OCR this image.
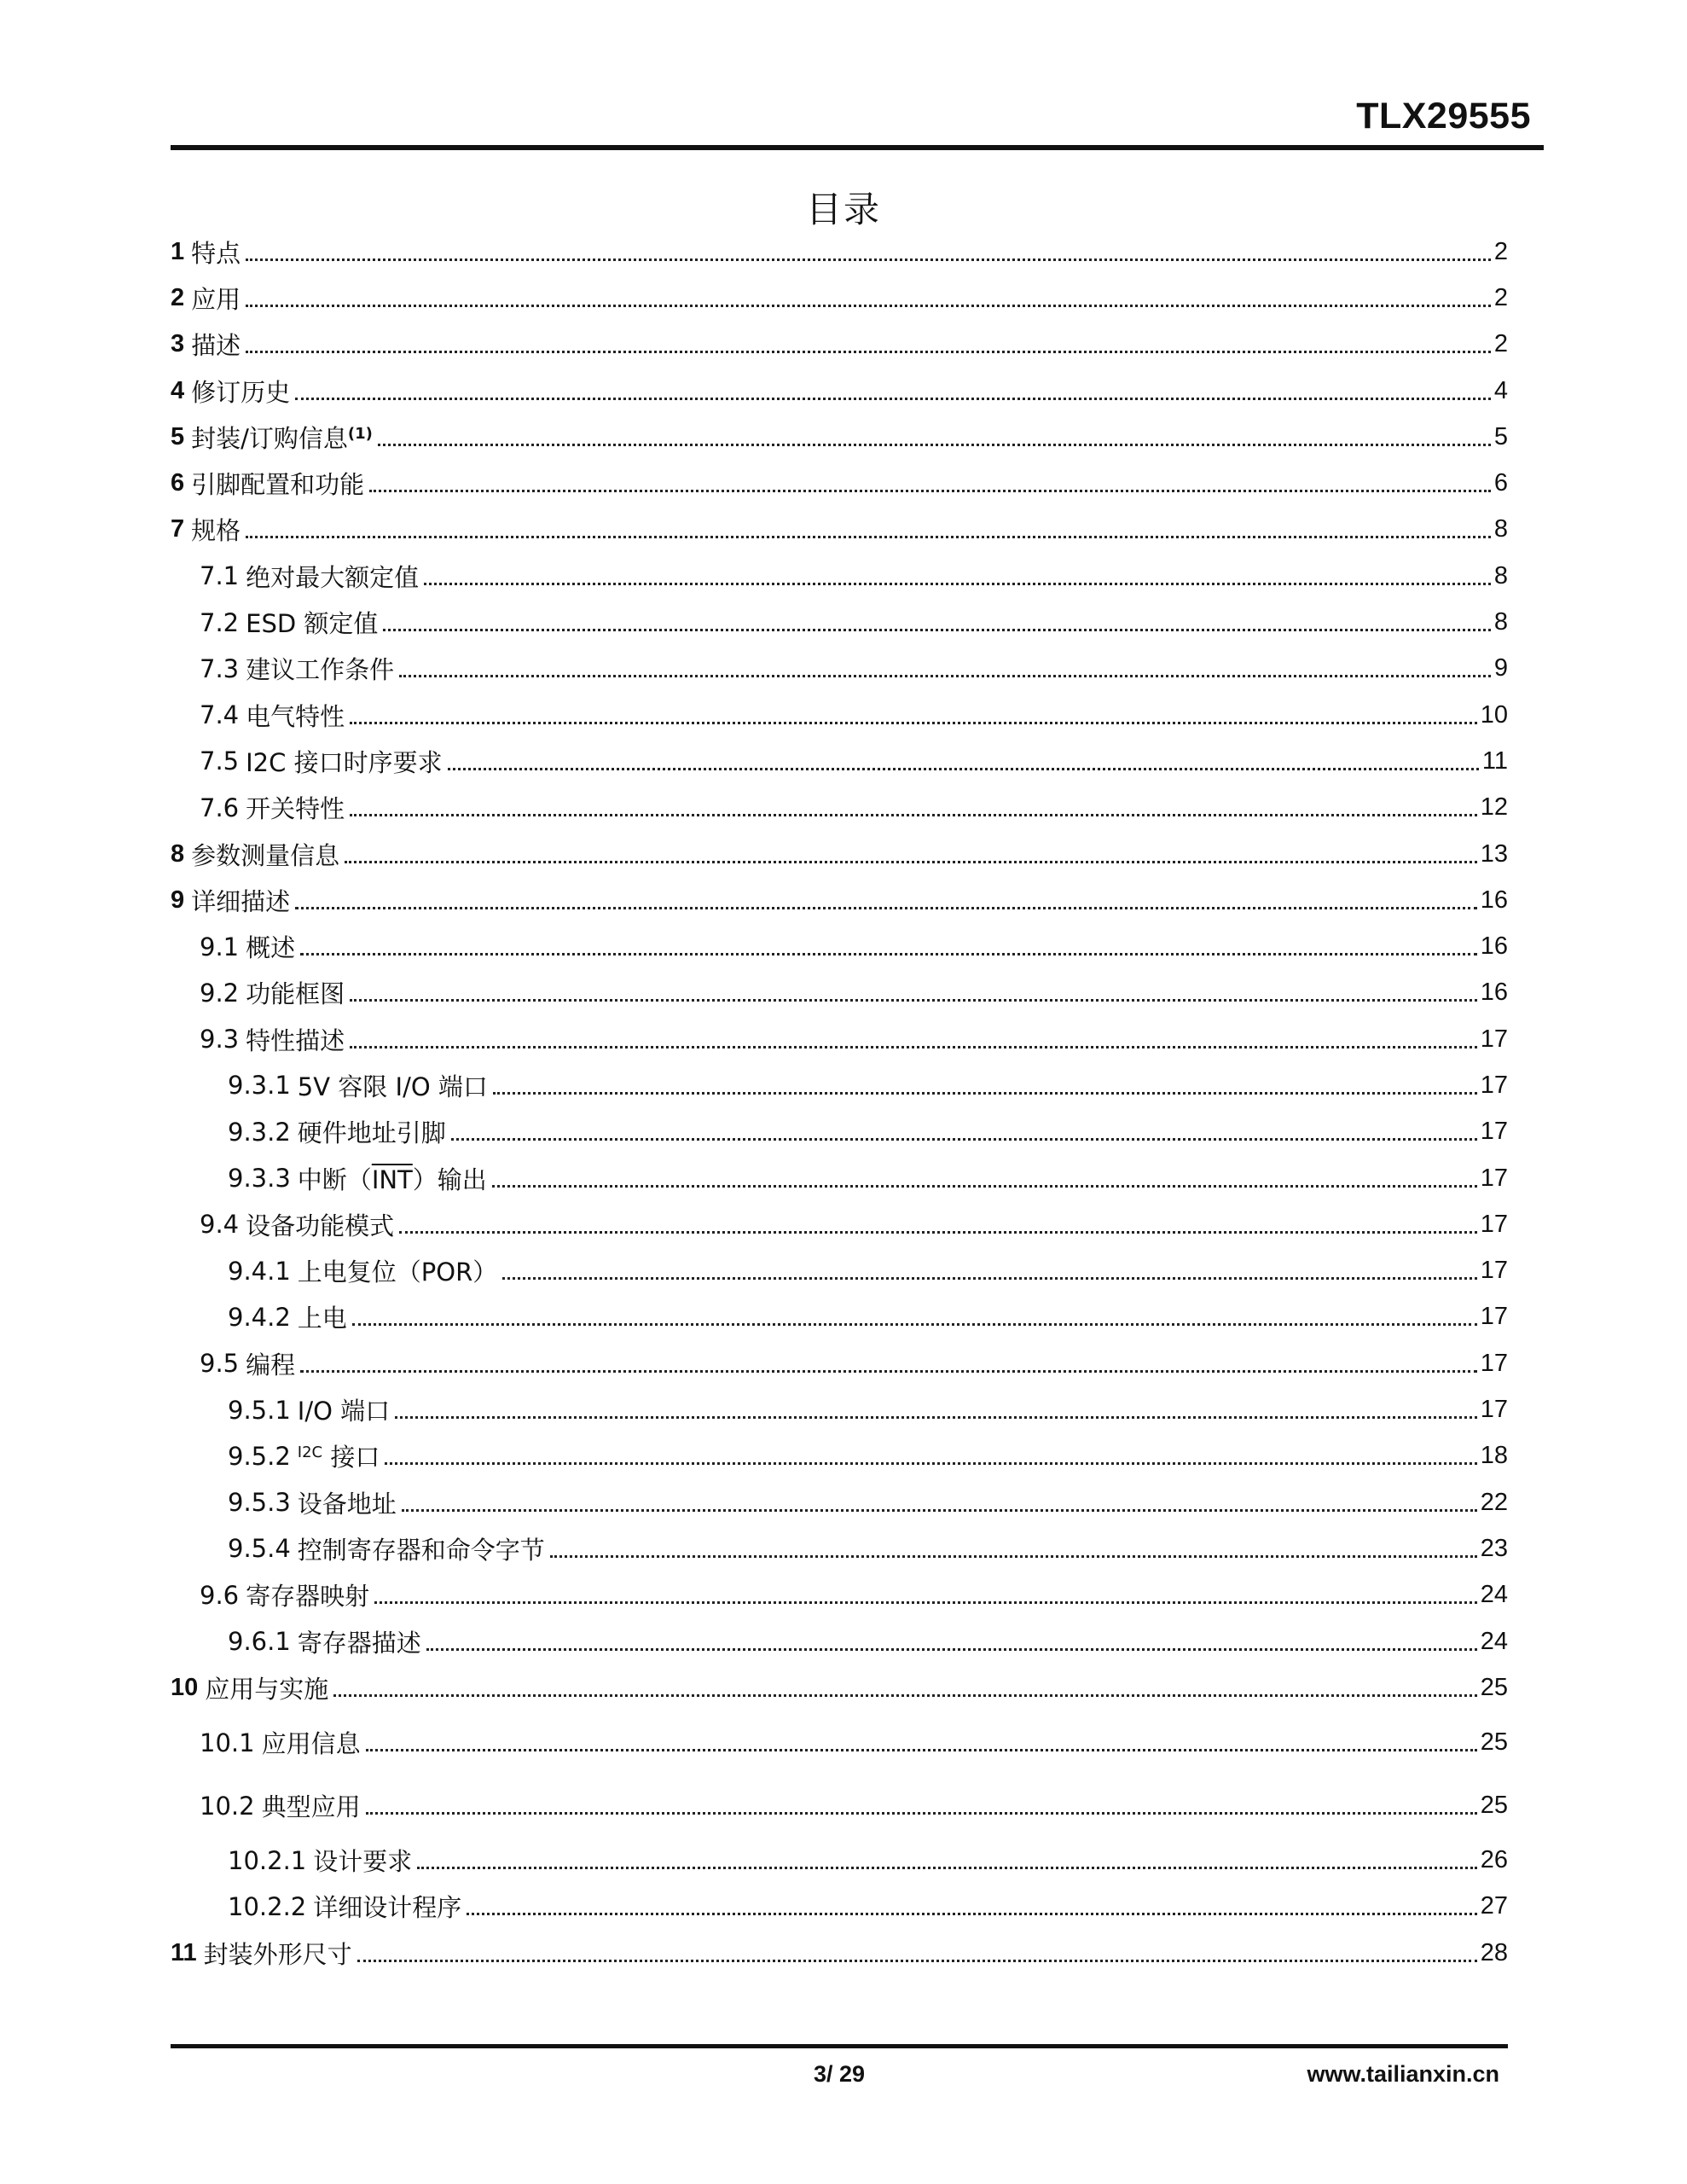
TLX29555
目录
1 特点	2
2 应用	2
3 描述	2
4 修订历史	4
5 封装/订购信息$^{(1)}$	5
6 引脚配置和功能	6
7 规格	8
7.1 绝对最大额定值	8
7.2 ESD 额定值	8
7.3 建议工作条件	9
7.4 电气特性	10
7.5 I2C 接口时序要求	11
7.6 开关特性	12
8 参数测量信息	13
9 详细描述	16
9.1 概述	16
9.2 功能框图	16
9.3 特性描述	17
9.3.1 5V 容限 I/O 端口	17
9.3.2 硬件地址引脚	17
9.3.3 中断$(\overline{INT})$输出	17
9.4 设备功能模式	17
9.4.1 上电复位（POR）	17
9.4.2 上电	17
9.5 编程	17
9.5.1 I/O 端口	17
9.5.2 $^{I2C}$ 接口	18
9.5.3 设备地址	22
9.5.4 控制寄存器和命令字节	23
9.6 寄存器映射	24
9.6.1 寄存器描述	24
10 应用与实施	25
10.1 应用信息	25
10.2 典型应用	25
10.2.1 设计要求	26
10.2.2 详细设计程序	27
11 封装外形尺寸	28
3/ 29	www.tailianxin.cn
